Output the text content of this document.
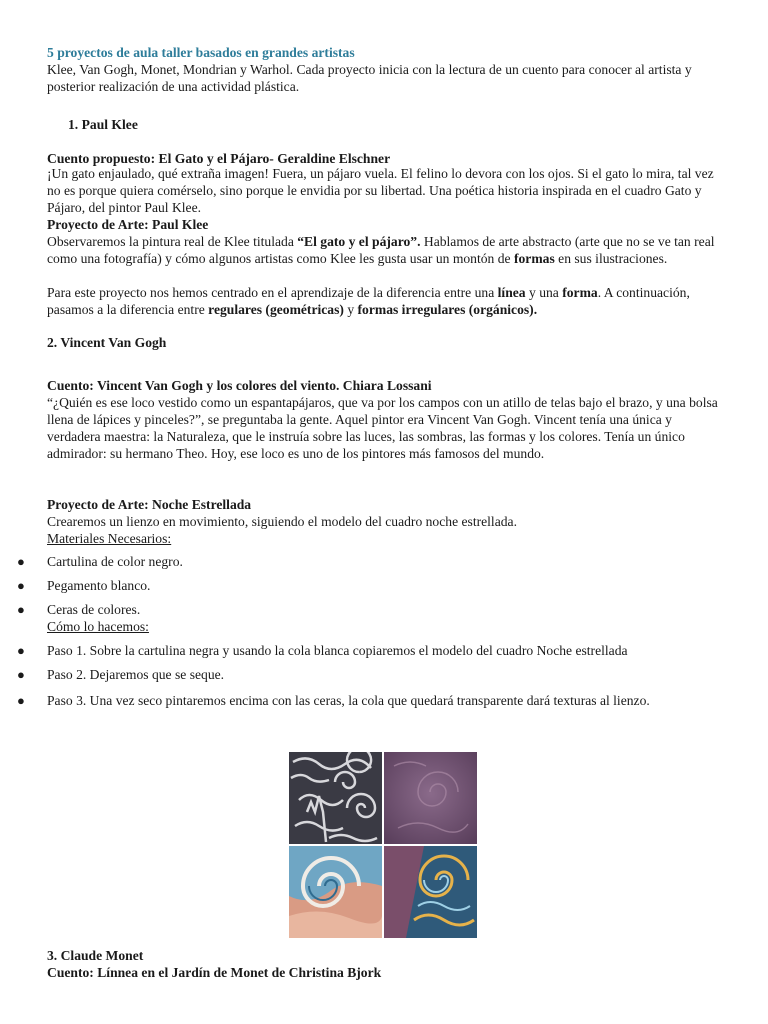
5 proyectos de aula taller basados en grandes artistas
Klee, Van Gogh, Monet, Mondrian y Warhol. Cada proyecto inicia con la lectura de un cuento para conocer al artista y posterior realización de una actividad plástica.
1. Paul Klee
Cuento propuesto: El Gato y el Pájaro- Geraldine Elschner
¡Un gato enjaulado, qué extraña imagen! Fuera, un pájaro vuela. El felino lo devora con los ojos. Si el gato lo mira, tal vez no es porque quiera comérselo, sino porque le envidia por su libertad. Una poética historia inspirada en el cuadro Gato y Pájaro, del pintor Paul Klee.
Proyecto de Arte: Paul Klee
Observaremos la pintura real de Klee titulada “El gato y el pájaro”. Hablamos de arte abstracto (arte que no se ve tan real como una fotografía) y cómo algunos artistas como Klee les gusta usar un montón de formas en sus ilustraciones.
Para este proyecto nos hemos centrado en el aprendizaje de la diferencia entre una línea y una forma. A continuación, pasamos a la diferencia entre regulares (geométricas) y formas irregulares (orgánicos).
2. Vincent Van Gogh
Cuento: Vincent Van Gogh y los colores del viento. Chiara Lossani
“¿Quién es ese loco vestido como un espantapájaros, que va por los campos con un atillo de telas bajo el brazo, y una bolsa llena de lápices y pinceles?”, se preguntaba la gente. Aquel pintor era Vincent Van Gogh. Vincent tenía una única y verdadera maestra: la Naturaleza, que le instruía sobre las luces, las sombras, las formas y los colores. Tenía un único admirador: su hermano Theo. Hoy, ese loco es uno de los pintores más famosos del mundo.
Proyecto de Arte: Noche Estrellada
Crearemos un lienzo en movimiento, siguiendo el modelo del cuadro noche estrellada.
Materiales Necesarios:
● Cartulina de color negro.
● Pegamento blanco.
● Ceras de colores.
Cómo lo hacemos:
● Paso 1. Sobre la cartulina negra y usando la cola blanca copiaremos el modelo del cuadro Noche estrellada
● Paso 2. Dejaremos que se seque.
● Paso 3. Una vez seco pintaremos encima con las ceras, la cola que quedará transparente dará texturas al lienzo.
3. Claude Monet
Cuento: Línnea en el Jardín de Monet de Christina Bjork
